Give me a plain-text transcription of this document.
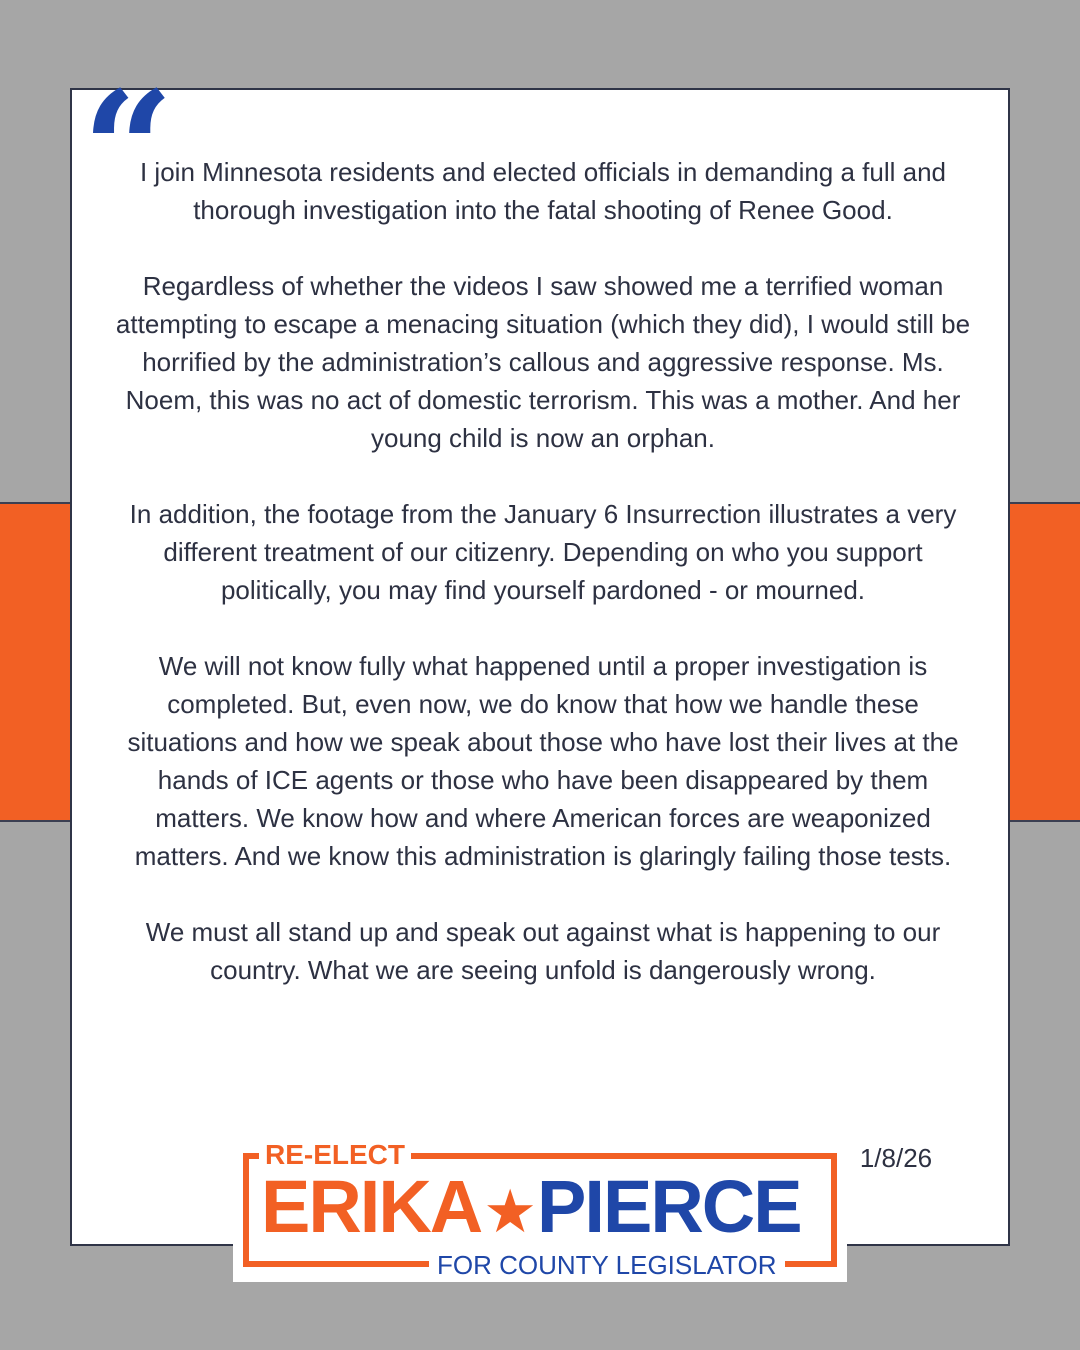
“

I join Minnesota residents and elected officials in demanding a full and thorough investigation into the fatal shooting of Renee Good.

Regardless of whether the videos I saw showed me a terrified woman attempting to escape a menacing situation (which they did), I would still be horrified by the administration’s callous and aggressive response. Ms. Noem, this was no act of domestic terrorism. This was a mother. And her young child is now an orphan.

In addition, the footage from the January 6 Insurrection illustrates a very different treatment of our citizenry. Depending on who you support politically, you may find yourself pardoned - or mourned.

We will not know fully what happened until a proper investigation is completed. But, even now, we do know that how we handle these situations and how we speak about those who have lost their lives at the hands of ICE agents or those who have been disappeared by them matters. We know how and where American forces are weaponized matters. And we know this administration is glaringly failing those tests.

We must all stand up and speak out against what is happening to our country. What we are seeing unfold is dangerously wrong.

1/8/26
RE-ELECT
ERIKA★PIERCE
FOR COUNTY LEGISLATOR
